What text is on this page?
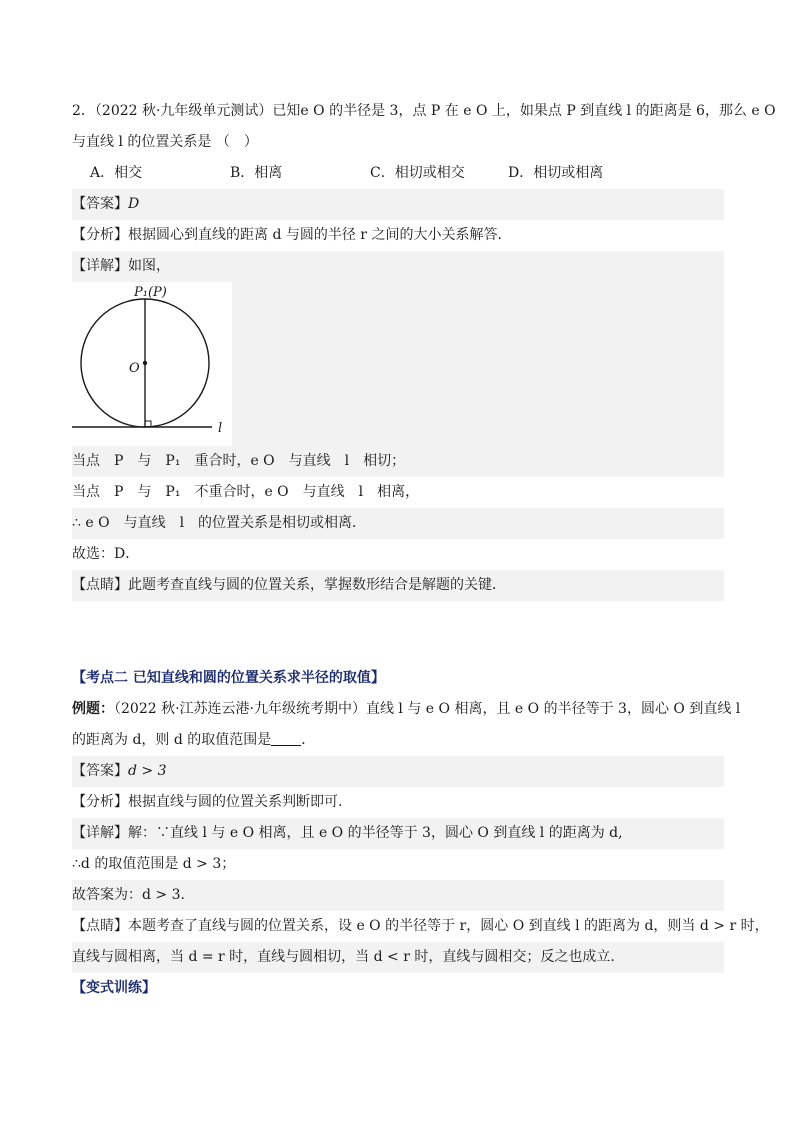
2．（2022 秋·九年级单元测试）已知e O 的半径是 3，点 P 在 e O 上，如果点 P 到直线 l 的距离是 6，那么 e O
与直线 l 的位置关系是 （　）
A．相交	B．相离	C．相切或相交	D．相切或相离
【答案】D
【分析】根据圆心到直线的距离 d 与圆的半径 r 之间的大小关系解答．
【详解】如图，
P₁(P)
O
l
当点　P　与　P₁　重合时，e O　与直线　l　相切；
当点　P　与　P₁　不重合时，e O　与直线　l　相离，
∴ e O　与直线　l　的位置关系是相切或相离．
故选：D．
【点睛】此题考查直线与圆的位置关系，掌握数形结合是解题的关键．
【考点二 已知直线和圆的位置关系求半径的取值】
例题：（2022 秋·江苏连云港·九年级统考期中）直线 l 与 e O 相离，且 e O 的半径等于 3，圆心 O 到直线 l
的距离为 d，则 d 的取值范围是 ．
【答案】d > 3
【分析】根据直线与圆的位置关系判断即可.
【详解】解：∵直线 l 与 e O 相离，且 e O 的半径等于 3，圆心 O 到直线 l 的距离为 d,
∴d 的取值范围是 d > 3；
故答案为：d > 3.
【点睛】本题考查了直线与圆的位置关系，设 e O 的半径等于 r，圆心 O 到直线 l 的距离为 d，则当 d > r 时，
直线与圆相离，当 d = r 时，直线与圆相切，当 d < r 时，直线与圆相交；反之也成立.
【变式训练】
